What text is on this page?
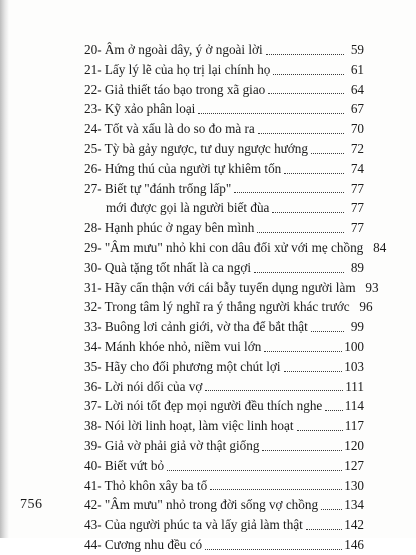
20- Âm ở ngoài dây, ý ở ngoài lời	59
21- Lấy lý lẽ của họ trị lại chính họ	61
22- Giả thiết táo bạo trong xã giao	64
23- Kỹ xảo phân loại	67
24- Tốt và xấu là do so đo mà ra	70
25- Tỳ bà gảy ngược, tư duy ngược hướng	72
26- Hứng thú của người tự khiêm tốn	74
27- Biết tự "đánh trống lấp"	77
mới được gọi là người biết đùa	77
28- Hạnh phúc ở ngay bên mình	77
29- "Âm mưu" nhỏ khi con dâu đối xử với mẹ chồng 84
30- Quà tặng tốt nhất là ca ngợi	89
31- Hãy cẩn thận với cái bẫy tuyển dụng người làm 93
32- Trong tâm lý nghĩ ra ý thắng người khác trước 96
33- Buông lơi cảnh giới, vờ tha để bắt thật	99
34- Mánh khóe nhỏ, niềm vui lớn	100
35- Hãy cho đối phương một chút lợi	103
36- Lời nói dối của vợ	111
37- Lời nói tốt đẹp mọi người đều thích nghe 114
38- Nói lời linh hoạt, làm việc linh hoạt	117
39- Giả vờ phải giả vờ thật giống	120
40- Biết vứt bỏ	127
41- Thỏ khôn xây ba tổ	130
42- "Âm mưu" nhỏ trong đời sống vợ chồng 134
43- Của người phúc ta và lấy giả làm thật	142
44- Cương nhu đều có	146
756
